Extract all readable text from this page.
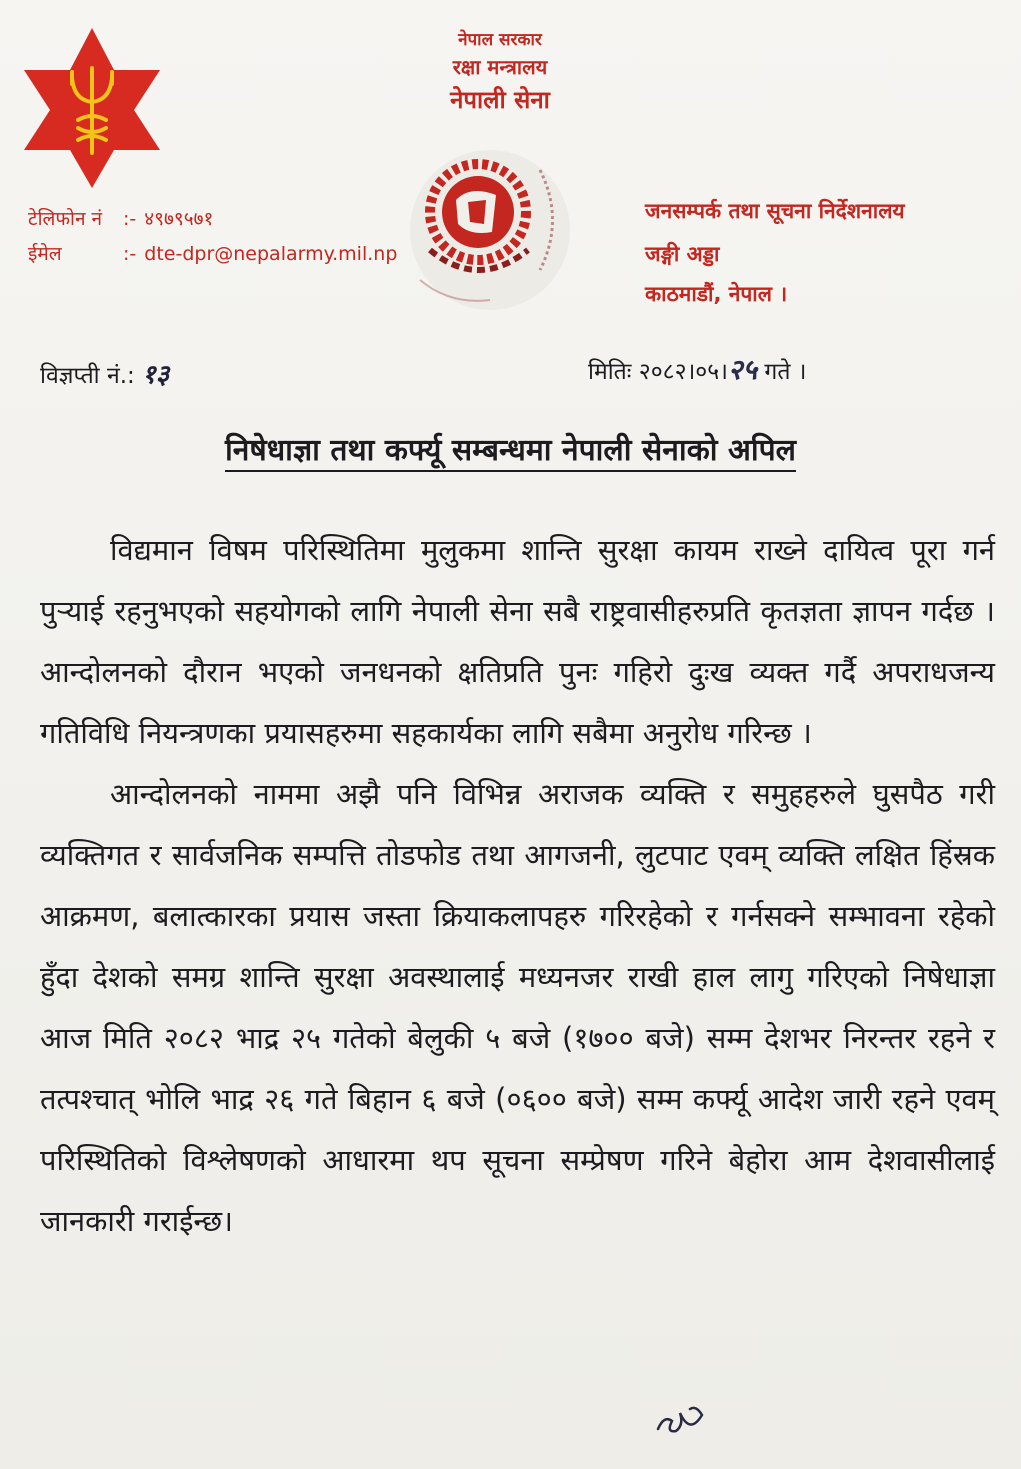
टेलिफोन नं :- ४९७९५७१
ईमेल	:- dte-dpr@nepalarmy.mil.np
नेपाल सरकार
रक्षा मन्त्रालय
नेपाली सेना
जनसम्पर्क तथा सूचना निर्देशनालय
जङ्गी अड्डा
काठमाडौं, नेपाल ।
विज्ञप्ती नं.: १३	मितिः २०८२।०५।२५ गते ।
निषेधाज्ञा तथा कर्फ्यू सम्बन्धमा नेपाली सेनाको अपिल

विद्यमान विषम परिस्थितिमा मुलुकमा शान्ति सुरक्षा कायम राख्ने दायित्व पूरा गर्न पुऱ्याई रहनुभएको सहयोगको लागि नेपाली सेना सबै राष्ट्रवासीहरुप्रति कृतज्ञता ज्ञापन गर्दछ । आन्दोलनको दौरान भएको जनधनको क्षतिप्रति पुनः गहिरो दुःख व्यक्त गर्दै अपराधजन्य गतिविधि नियन्त्रणका प्रयासहरुमा सहकार्यका लागि सबैमा अनुरोध गरिन्छ ।

आन्दोलनको नाममा अझै पनि विभिन्न अराजक व्यक्ति र समुहहरुले घुसपैठ गरी व्यक्तिगत र सार्वजनिक सम्पत्ति तोडफोड तथा आगजनी, लुटपाट एवम् व्यक्ति लक्षित हिंस्रक आक्रमण, बलात्कारका प्रयास जस्ता क्रियाकलापहरु गरिरहेको र गर्नसक्ने सम्भावना रहेको हुँदा देशको समग्र शान्ति सुरक्षा अवस्थालाई मध्यनजर राखी हाल लागु गरिएको निषेधाज्ञा आज मिति २०८२ भाद्र २५ गतेको बेलुकी ५ बजे (१७०० बजे) सम्म देशभर निरन्तर रहने र तत्पश्चात् भोलि भाद्र २६ गते बिहान ६ बजे (०६०० बजे) सम्म कर्फ्यू आदेश जारी रहने एवम् परिस्थितिको विश्लेषणको आधारमा थप सूचना सम्प्रेषण गरिने बेहोरा आम देशवासीलाई जानकारी गराईन्छ।
